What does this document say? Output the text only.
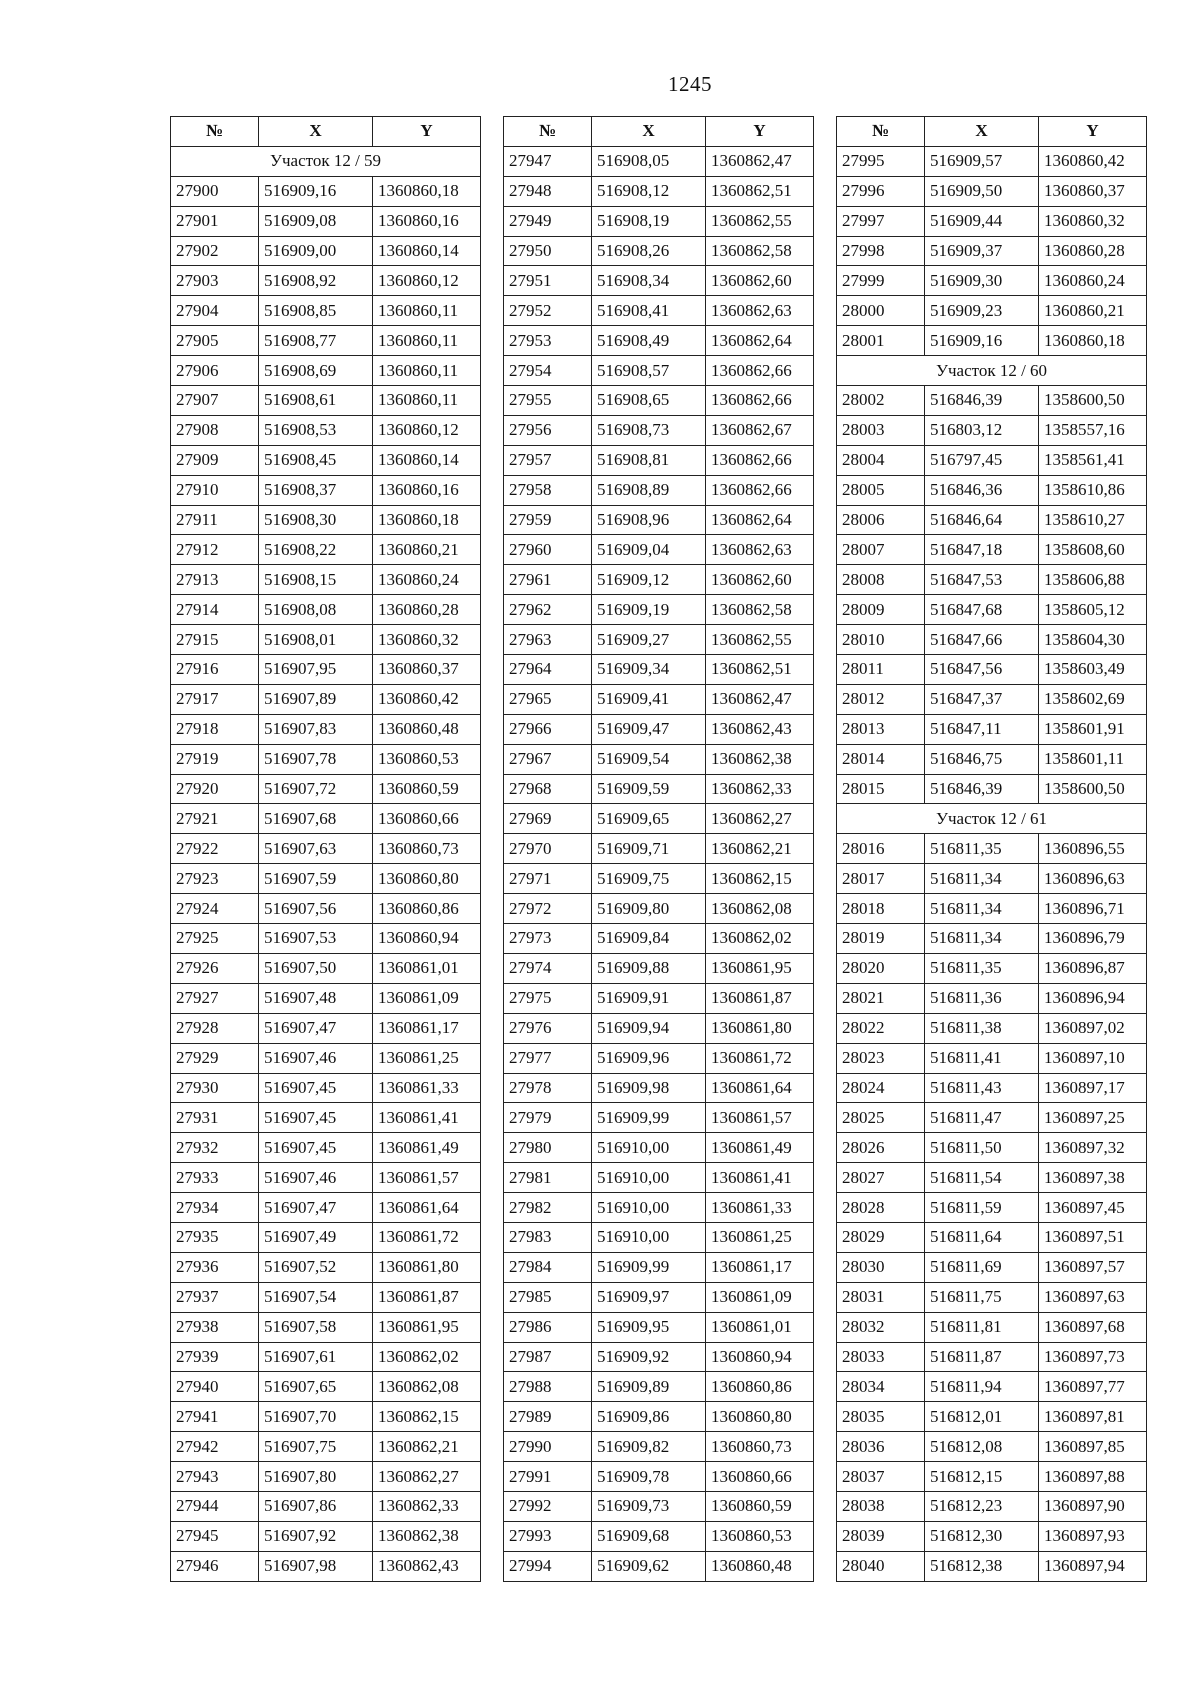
1245
№	X	Y
Участок 12 / 59		
27900	516909,16	1360860,18
27901	516909,08	1360860,16
27902	516909,00	1360860,14
27903	516908,92	1360860,12
27904	516908,85	1360860,11
27905	516908,77	1360860,11
27906	516908,69	1360860,11
27907	516908,61	1360860,11
27908	516908,53	1360860,12
27909	516908,45	1360860,14
27910	516908,37	1360860,16
27911	516908,30	1360860,18
27912	516908,22	1360860,21
27913	516908,15	1360860,24
27914	516908,08	1360860,28
27915	516908,01	1360860,32
27916	516907,95	1360860,37
27917	516907,89	1360860,42
27918	516907,83	1360860,48
27919	516907,78	1360860,53
27920	516907,72	1360860,59
27921	516907,68	1360860,66
27922	516907,63	1360860,73
27923	516907,59	1360860,80
27924	516907,56	1360860,86
27925	516907,53	1360860,94
27926	516907,50	1360861,01
27927	516907,48	1360861,09
27928	516907,47	1360861,17
27929	516907,46	1360861,25
27930	516907,45	1360861,33
27931	516907,45	1360861,41
27932	516907,45	1360861,49
27933	516907,46	1360861,57
27934	516907,47	1360861,64
27935	516907,49	1360861,72
27936	516907,52	1360861,80
27937	516907,54	1360861,87
27938	516907,58	1360861,95
27939	516907,61	1360862,02
27940	516907,65	1360862,08
27941	516907,70	1360862,15
27942	516907,75	1360862,21
27943	516907,80	1360862,27
27944	516907,86	1360862,33
27945	516907,92	1360862,38
27946	516907,98	1360862,43
№	X	Y
27947	516908,05	1360862,47
27948	516908,12	1360862,51
27949	516908,19	1360862,55
27950	516908,26	1360862,58
27951	516908,34	1360862,60
27952	516908,41	1360862,63
27953	516908,49	1360862,64
27954	516908,57	1360862,66
27955	516908,65	1360862,66
27956	516908,73	1360862,67
27957	516908,81	1360862,66
27958	516908,89	1360862,66
27959	516908,96	1360862,64
27960	516909,04	1360862,63
27961	516909,12	1360862,60
27962	516909,19	1360862,58
27963	516909,27	1360862,55
27964	516909,34	1360862,51
27965	516909,41	1360862,47
27966	516909,47	1360862,43
27967	516909,54	1360862,38
27968	516909,59	1360862,33
27969	516909,65	1360862,27
27970	516909,71	1360862,21
27971	516909,75	1360862,15
27972	516909,80	1360862,08
27973	516909,84	1360862,02
27974	516909,88	1360861,95
27975	516909,91	1360861,87
27976	516909,94	1360861,80
27977	516909,96	1360861,72
27978	516909,98	1360861,64
27979	516909,99	1360861,57
27980	516910,00	1360861,49
27981	516910,00	1360861,41
27982	516910,00	1360861,33
27983	516910,00	1360861,25
27984	516909,99	1360861,17
27985	516909,97	1360861,09
27986	516909,95	1360861,01
27987	516909,92	1360860,94
27988	516909,89	1360860,86
27989	516909,86	1360860,80
27990	516909,82	1360860,73
27991	516909,78	1360860,66
27992	516909,73	1360860,59
27993	516909,68	1360860,53
27994	516909,62	1360860,48
№	X	Y
27995	516909,57	1360860,42
27996	516909,50	1360860,37
27997	516909,44	1360860,32
27998	516909,37	1360860,28
27999	516909,30	1360860,24
28000	516909,23	1360860,21
28001	516909,16	1360860,18
Участок 12 / 60		
28002	516846,39	1358600,50
28003	516803,12	1358557,16
28004	516797,45	1358561,41
28005	516846,36	1358610,86
28006	516846,64	1358610,27
28007	516847,18	1358608,60
28008	516847,53	1358606,88
28009	516847,68	1358605,12
28010	516847,66	1358604,30
28011	516847,56	1358603,49
28012	516847,37	1358602,69
28013	516847,11	1358601,91
28014	516846,75	1358601,11
28015	516846,39	1358600,50
Участок 12 / 61		
28016	516811,35	1360896,55
28017	516811,34	1360896,63
28018	516811,34	1360896,71
28019	516811,34	1360896,79
28020	516811,35	1360896,87
28021	516811,36	1360896,94
28022	516811,38	1360897,02
28023	516811,41	1360897,10
28024	516811,43	1360897,17
28025	516811,47	1360897,25
28026	516811,50	1360897,32
28027	516811,54	1360897,38
28028	516811,59	1360897,45
28029	516811,64	1360897,51
28030	516811,69	1360897,57
28031	516811,75	1360897,63
28032	516811,81	1360897,68
28033	516811,87	1360897,73
28034	516811,94	1360897,77
28035	516812,01	1360897,81
28036	516812,08	1360897,85
28037	516812,15	1360897,88
28038	516812,23	1360897,90
28039	516812,30	1360897,93
28040	516812,38	1360897,94
